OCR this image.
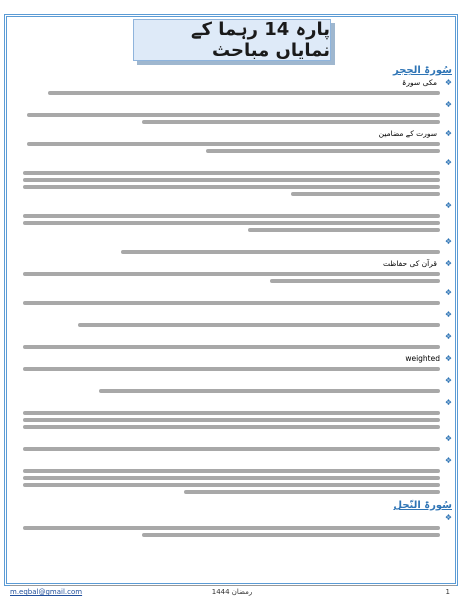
پارہ 14 رہما کے نمایاں مباحث
سُورۃ الحِجر
❖
مکی سورۃ
❖
❖
سورت کے مضامین
❖
❖
❖
❖
قرآن کی حفاظت
❖
❖
❖
❖
weighted
❖
❖
❖
❖
سُورۃ النّحل
❖
m.eqbal@gmail.com	رمضان 1444	1
